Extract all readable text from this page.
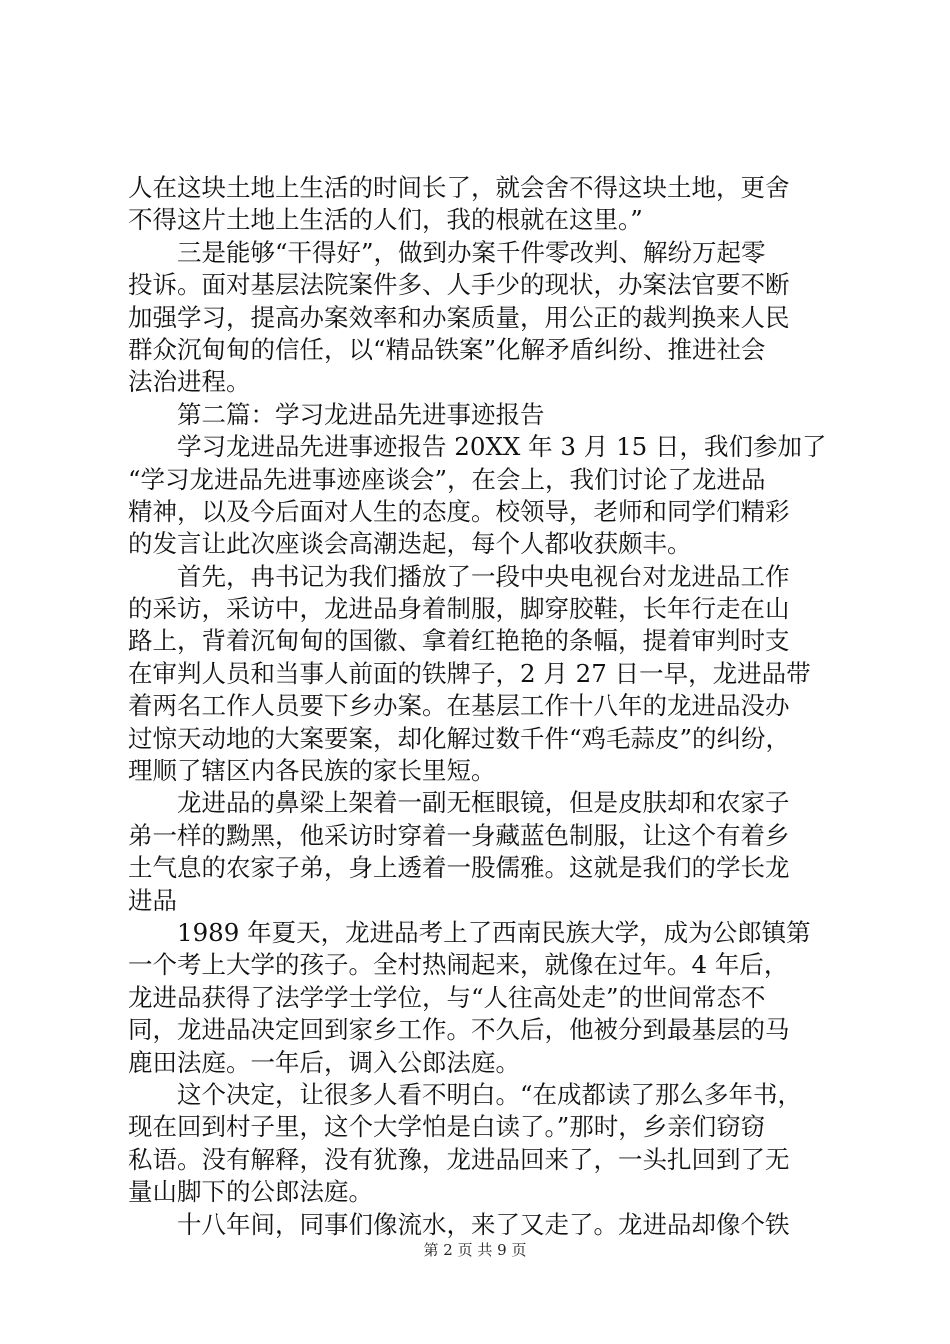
人在这块土地上生活的时间长了，就会舍不得这块土地，更舍
不得这片土地上生活的人们，我的根就在这里。”
　　三是能够“干得好”，做到办案千件零改判、解纷万起零
投诉。面对基层法院案件多、人手少的现状，办案法官要不断
加强学习，提高办案效率和办案质量，用公正的裁判换来人民
群众沉甸甸的信任，以“精品铁案”化解矛盾纠纷、推进社会
法治进程。
　　第二篇：学习龙进品先进事迹报告
　　学习龙进品先进事迹报告 20XX 年 3 月 15 日，我们参加了
“学习龙进品先进事迹座谈会”，在会上，我们讨论了龙进品
精神，以及今后面对人生的态度。校领导，老师和同学们精彩
的发言让此次座谈会高潮迭起，每个人都收获颇丰。
　　首先，冉书记为我们播放了一段中央电视台对龙进品工作
的采访，采访中，龙进品身着制服，脚穿胶鞋，长年行走在山
路上，背着沉甸甸的国徽、拿着红艳艳的条幅，提着审判时支
在审判人员和当事人前面的铁牌子，2 月 27 日一早，龙进品带
着两名工作人员要下乡办案。在基层工作十八年的龙进品没办
过惊天动地的大案要案，却化解过数千件“鸡毛蒜皮”的纠纷，
理顺了辖区内各民族的家长里短。
　　龙进品的鼻梁上架着一副无框眼镜，但是皮肤却和农家子
弟一样的黝黑，他采访时穿着一身藏蓝色制服，让这个有着乡
土气息的农家子弟，身上透着一股儒雅。这就是我们的学长龙
进品
　　1989 年夏天，龙进品考上了西南民族大学，成为公郎镇第
一个考上大学的孩子。全村热闹起来，就像在过年。4 年后，
龙进品获得了法学学士学位，与“人往高处走”的世间常态不
同，龙进品决定回到家乡工作。不久后，他被分到最基层的马
鹿田法庭。一年后，调入公郎法庭。
　　这个决定，让很多人看不明白。“在成都读了那么多年书，
现在回到村子里，这个大学怕是白读了。”那时，乡亲们窃窃
私语。没有解释，没有犹豫，龙进品回来了，一头扎回到了无
量山脚下的公郎法庭。
　　十八年间，同事们像流水，来了又走了。龙进品却像个铁
第 2 页 共 9 页
